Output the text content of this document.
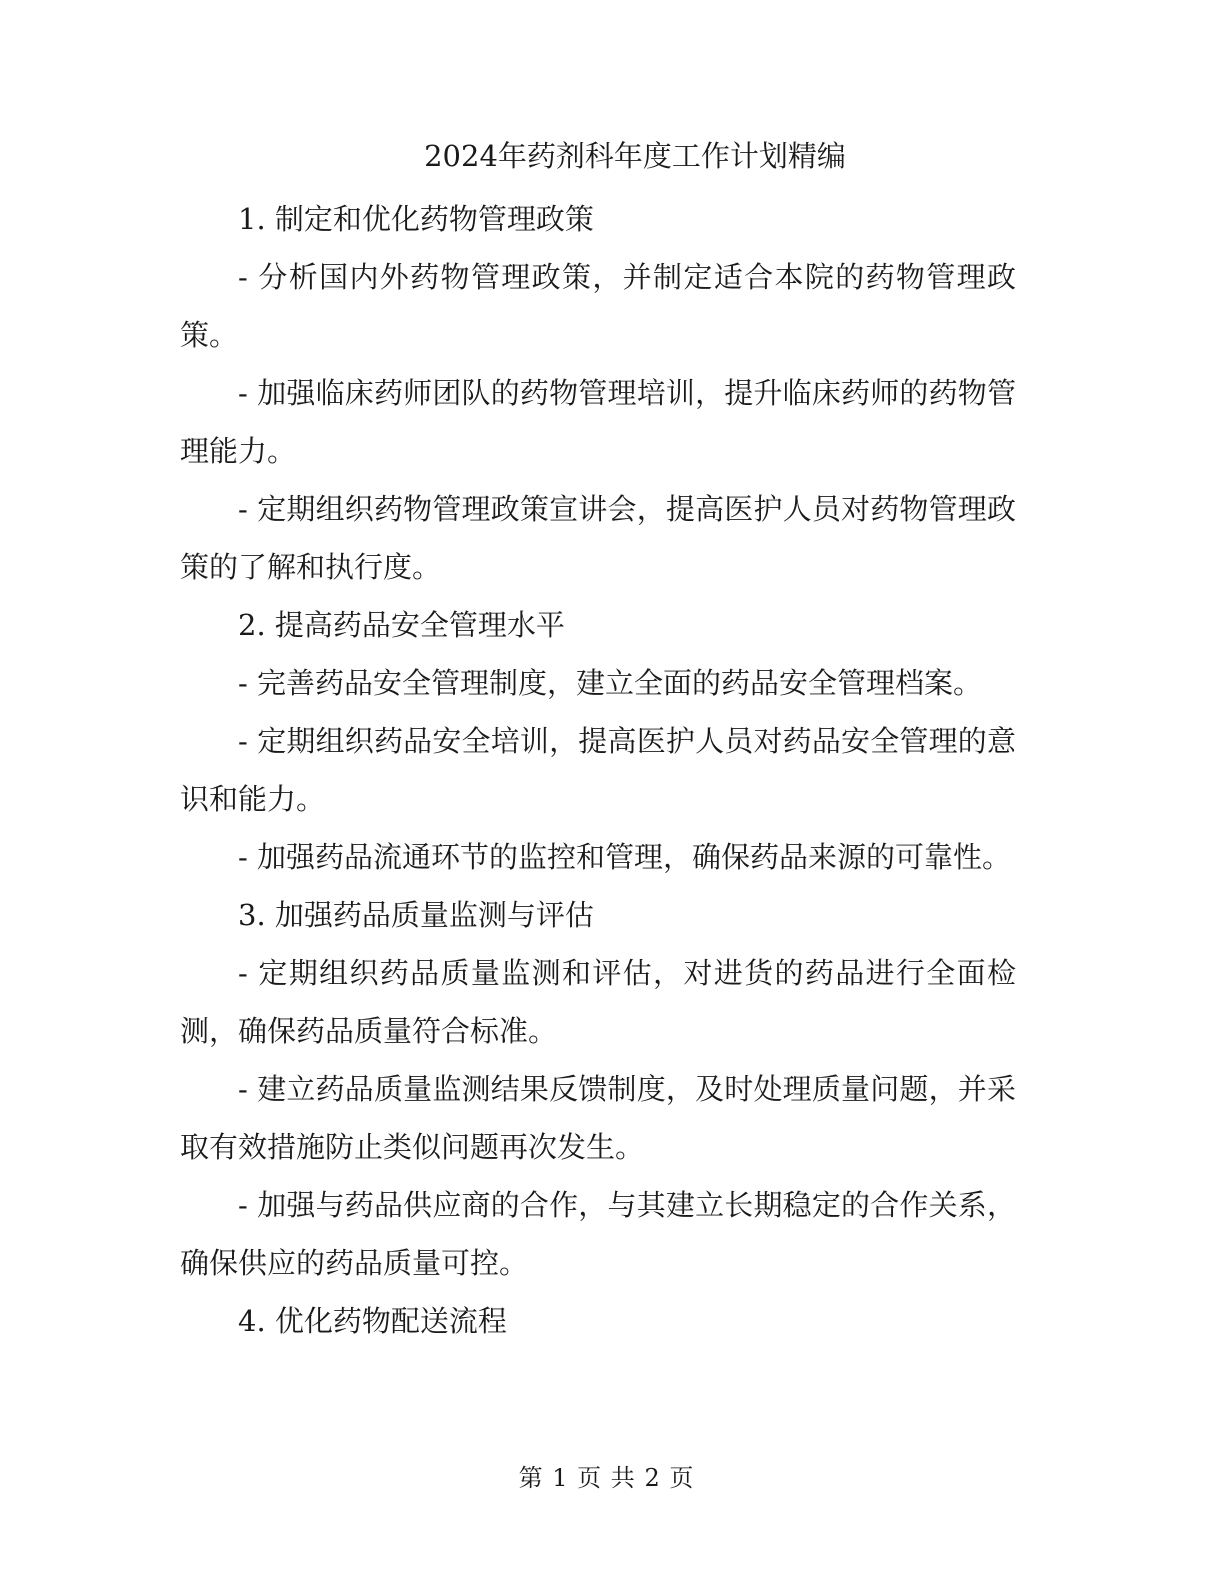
2024年药剂科年度工作计划精编

1. 制定和优化药物管理政策

- 分析国内外药物管理政策，并制定适合本院的药物管理政策。

- 加强临床药师团队的药物管理培训，提升临床药师的药物管理能力。

- 定期组织药物管理政策宣讲会，提高医护人员对药物管理政策的了解和执行度。

2. 提高药品安全管理水平

- 完善药品安全管理制度，建立全面的药品安全管理档案。

- 定期组织药品安全培训，提高医护人员对药品安全管理的意识和能力。

- 加强药品流通环节的监控和管理，确保药品来源的可靠性。

3. 加强药品质量监测与评估

- 定期组织药品质量监测和评估，对进货的药品进行全面检测，确保药品质量符合标准。

- 建立药品质量监测结果反馈制度，及时处理质量问题，并采取有效措施防止类似问题再次发生。

- 加强与药品供应商的合作，与其建立长期稳定的合作关系，确保供应的药品质量可控。

4. 优化药物配送流程

第 1 页 共 2 页
